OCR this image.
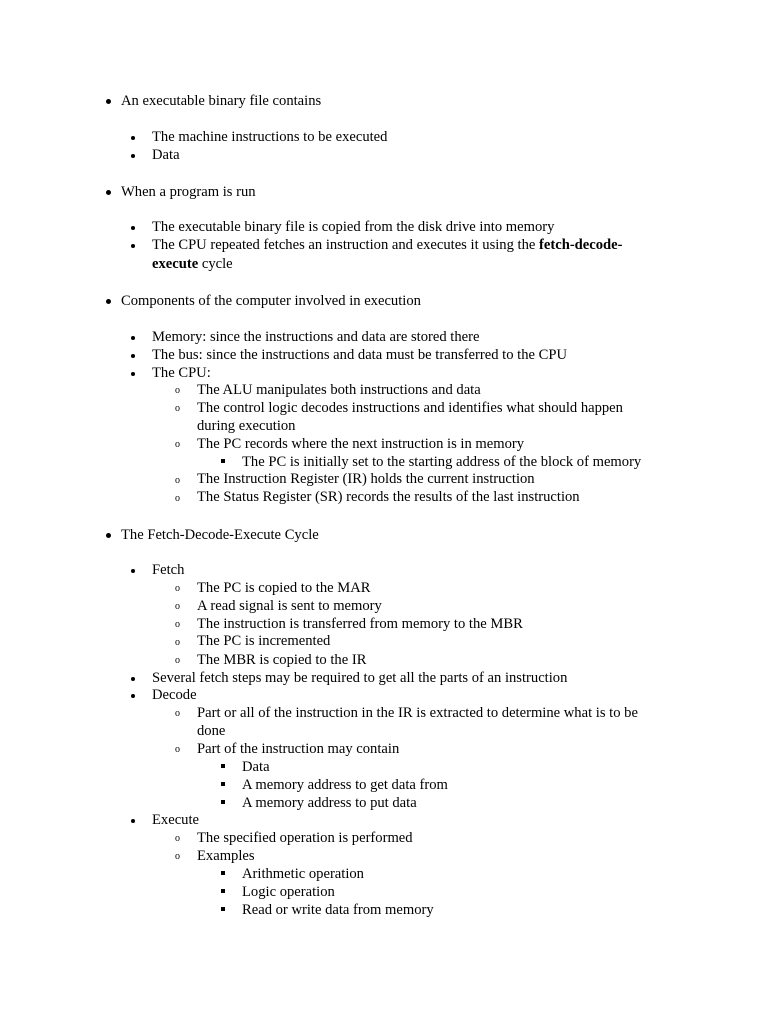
An executable binary file contains
The machine instructions to be executed
Data
When a program is run
The executable binary file is copied from the disk drive into memory
The CPU repeated fetches an instruction and executes it using the fetch-decode-
execute cycle
Components of the computer involved in execution
Memory: since the instructions and data are stored there
The bus: since the instructions and data must be transferred to the CPU
The CPU:
o The ALU manipulates both instructions and data
o The control logic decodes instructions and identifies what should happen
during execution
o The PC records where the next instruction is in memory
The PC is initially set to the starting address of the block of memory
o The Instruction Register (IR) holds the current instruction
o The Status Register (SR) records the results of the last instruction
The Fetch-Decode-Execute Cycle
Fetch
o The PC is copied to the MAR
o A read signal is sent to memory
o The instruction is transferred from memory to the MBR
o The PC is incremented
o The MBR is copied to the IR
Several fetch steps may be required to get all the parts of an instruction
Decode
o Part or all of the instruction in the IR is extracted to determine what is to be
done
o Part of the instruction may contain
Data
A memory address to get data from
A memory address to put data
Execute
o The specified operation is performed
o Examples
Arithmetic operation
Logic operation
Read or write data from memory
